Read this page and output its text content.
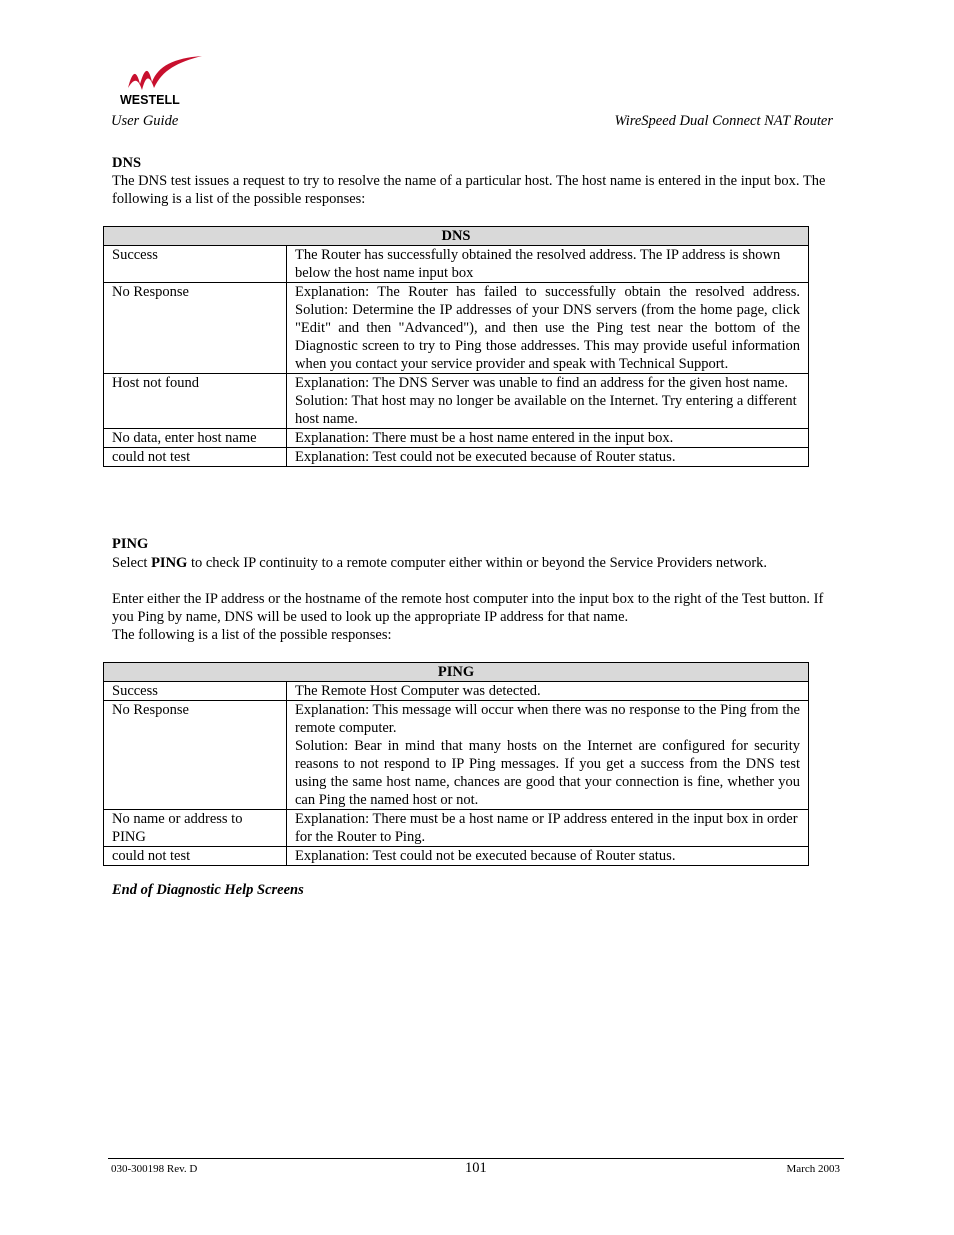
WESTELL
User Guide	WireSpeed Dual Connect NAT Router
DNS

The DNS test issues a request to try to resolve the name of a particular host. The host name is entered in the input box. The following is a list of the possible responses:

DNS	
Success	The Router has successfully obtained the resolved address. The IP address is shown below the host name input box
No Response	Explanation: The Router has failed to successfully obtain the resolved address. Solution: Determine the IP addresses of your DNS servers (from the home page, click "Edit" and then "Advanced"), and then use the Ping test near the bottom of the Diagnostic screen to try to Ping those addresses. This may provide useful information when you contact your service provider and speak with Technical Support.
Host not found	Explanation: The DNS Server was unable to find an address for the given host name.
Solution: That host may no longer be available on the Internet. Try entering a different host name.

No data, enter host name	Explanation: There must be a host name entered in the input box.
could not test	Explanation: Test could not be executed because of Router status.
PING

Select PING to check IP continuity to a remote computer either within or beyond the Service Providers network.

Enter either the IP address or the hostname of the remote host computer into the input box to the right of the Test button. If you Ping by name, DNS will be used to look up the appropriate IP address for that name.

The following is a list of the possible responses:

PING	
Success	The Remote Host Computer was detected.
No Response	Explanation: This message will occur when there was no response to the Ping from the remote computer.
Solution: Bear in mind that many hosts on the Internet are configured for security reasons to not respond to IP Ping messages. If you get a success from the DNS test using the same host name, chances are good that your connection is fine, whether you can Ping the named host or not.

No name or address to PING	Explanation: There must be a host name or IP address entered in the input box in order for the Router to Ping.
could not test	Explanation: Test could not be executed because of Router status.
End of Diagnostic Help Screens
030-300198 Rev. D	101	March 2003
